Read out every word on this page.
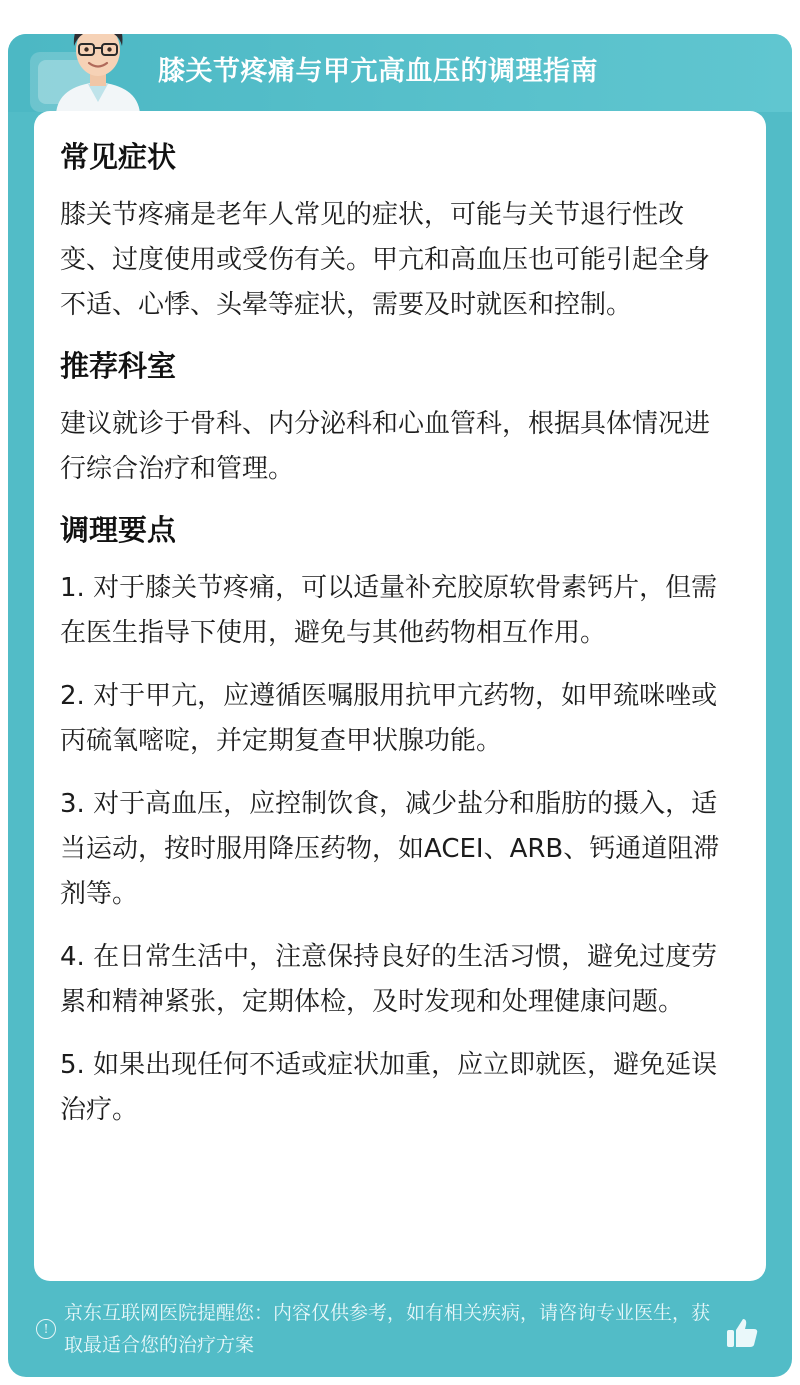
膝关节疼痛与甲亢高血压的调理指南
常见症状

膝关节疼痛是老年人常见的症状，可能与关节退行性改变、过度使用或受伤有关。甲亢和高血压也可能引起全身不适、心悸、头晕等症状，需要及时就医和控制。

推荐科室

建议就诊于骨科、内分泌科和心血管科，根据具体情况进行综合治疗和管理。

调理要点

1. 对于膝关节疼痛，可以适量补充胶原软骨素钙片，但需在医生指导下使用，避免与其他药物相互作用。

2. 对于甲亢，应遵循医嘱服用抗甲亢药物，如甲巯咪唑或丙硫氧嘧啶，并定期复查甲状腺功能。

3. 对于高血压，应控制饮食，减少盐分和脂肪的摄入，适当运动，按时服用降压药物，如ACEI、ARB、钙通道阻滞剂等。

4. 在日常生活中，注意保持良好的生活习惯，避免过度劳累和精神紧张，定期体检，及时发现和处理健康问题。

5. 如果出现任何不适或症状加重，应立即就医，避免延误治疗。

!
京东互联网医院提醒您：内容仅供参考，如有相关疾病，请咨询专业医生，获取最适合您的治疗方案
